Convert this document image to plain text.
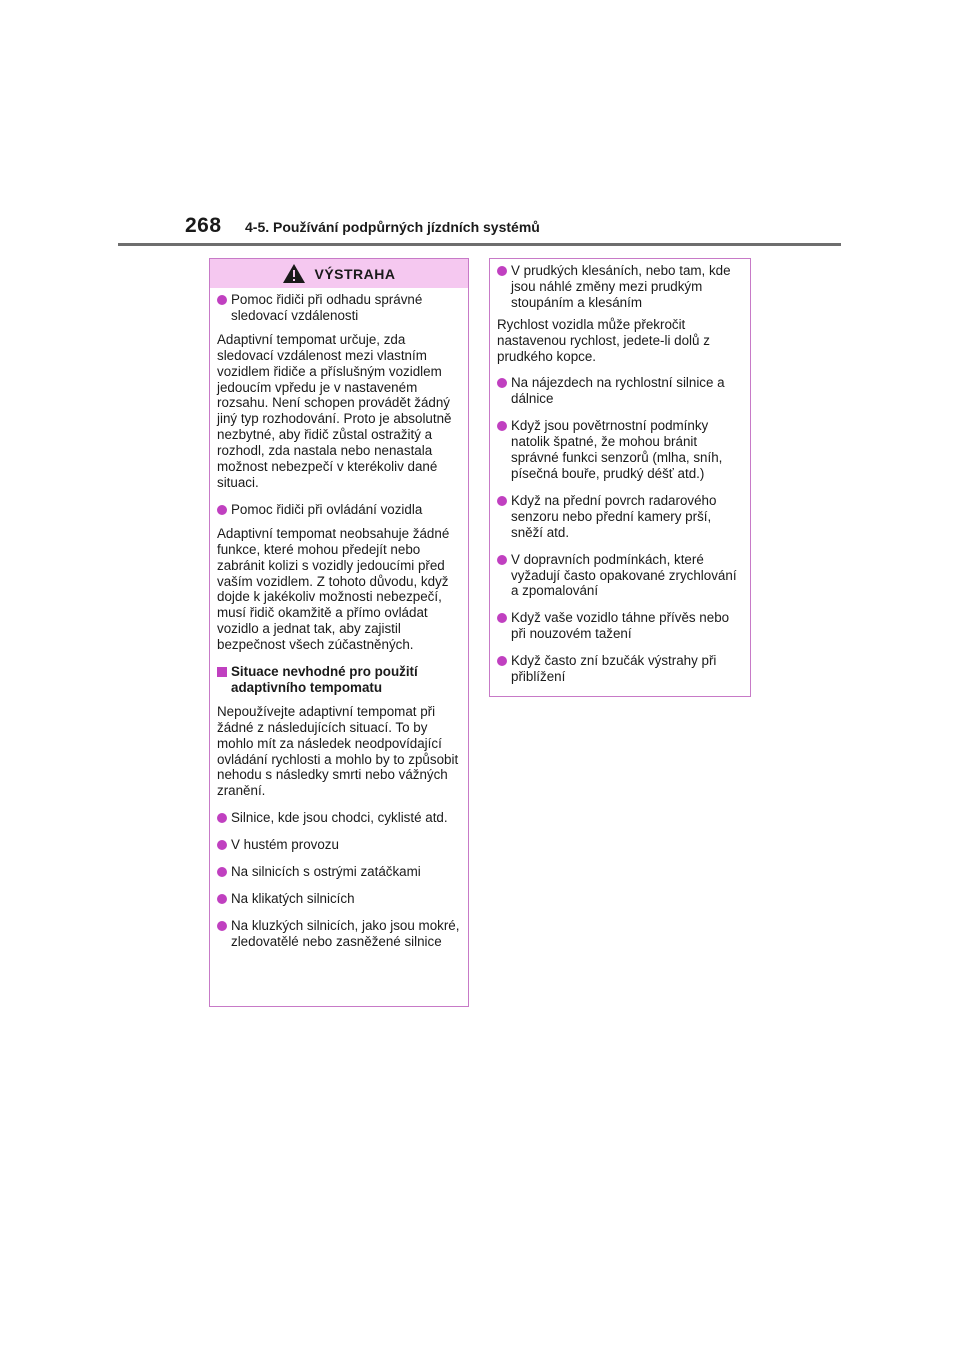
268 4-5. Používání podpůrných jízdních systémů
VÝSTRAHA

Pomoc řidiči při odhadu správné sledovací vzdálenosti

Adaptivní tempomat určuje, zda sledovací vzdálenost mezi vlastním vozidlem řidiče a příslušným vozidlem jedoucím vpředu je v nastaveném rozsahu. Není schopen provádět žádný jiný typ rozhodování. Proto je absolutně nezbytné, aby řidič zůstal ostražitý a rozhodl, zda nastala nebo nenastala možnost nebezpečí v kterékoliv dané situaci.

Pomoc řidiči při ovládání vozidla

Adaptivní tempomat neobsahuje žádné funkce, které mohou předejít nebo zabránit kolizi s vozidly jedoucími před vaším vozidlem. Z tohoto důvodu, když dojde k jakékoliv možnosti nebezpečí, musí řidič okamžitě a přímo ovládat vozidlo a jednat tak, aby zajistil bezpečnost všech zúčastněných.

Situace nevhodné pro použití adaptivního tempomatu

Nepoužívejte adaptivní tempomat při žádné z následujících situací. To by mohlo mít za následek neodpovídající ovládání rychlosti a mohlo by to způsobit nehodu s následky smrti nebo vážných zranění.

Silnice, kde jsou chodci, cyklisté atd.

V hustém provozu

Na silnicích s ostrými zatáčkami

Na klikatých silnicích

Na kluzkých silnicích, jako jsou mokré, zledovatělé nebo zasněžené silnice

V prudkých klesáních, nebo tam, kde jsou náhlé změny mezi prudkým stoupáním a klesáním

Rychlost vozidla může překročit nastavenou rychlost, jedete-li dolů z prudkého kopce.

Na nájezdech na rychlostní silnice a dálnice

Když jsou povětrnostní podmínky natolik špatné, že mohou bránit správné funkci senzorů (mlha, sníh, písečná bouře, prudký déšť atd.)

Když na přední povrch radarového senzoru nebo přední kamery prší, sněží atd.

V dopravních podmínkách, které vyžadují často opakované zrychlování a zpomalování

Když vaše vozidlo táhne přívěs nebo při nouzovém tažení

Když často zní bzučák výstrahy při přiblížení
